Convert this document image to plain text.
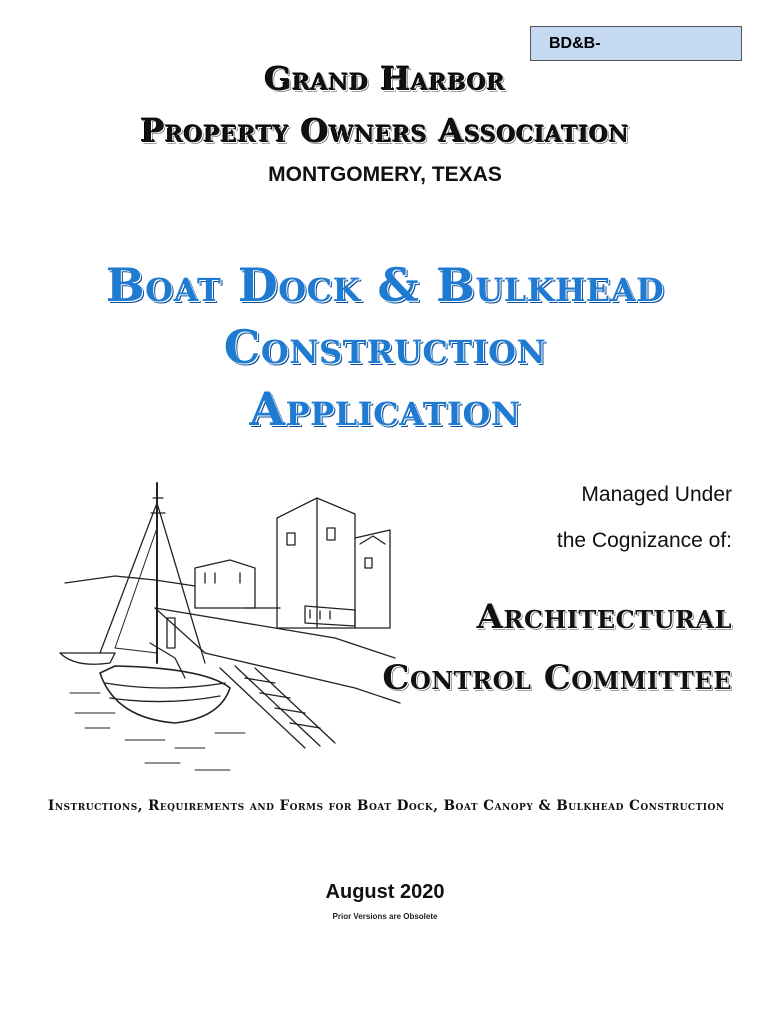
BD&B-
Grand Harbor
Property Owners Association
MONTGOMERY, TEXAS
Boat Dock & Bulkhead
Construction
Application
Managed Under
the Cognizance of:
Architectural
Control Committee
Instructions, Requirements and Forms for Boat Dock, Boat Canopy & Bulkhead Construction
August 2020
Prior Versions are Obsolete
